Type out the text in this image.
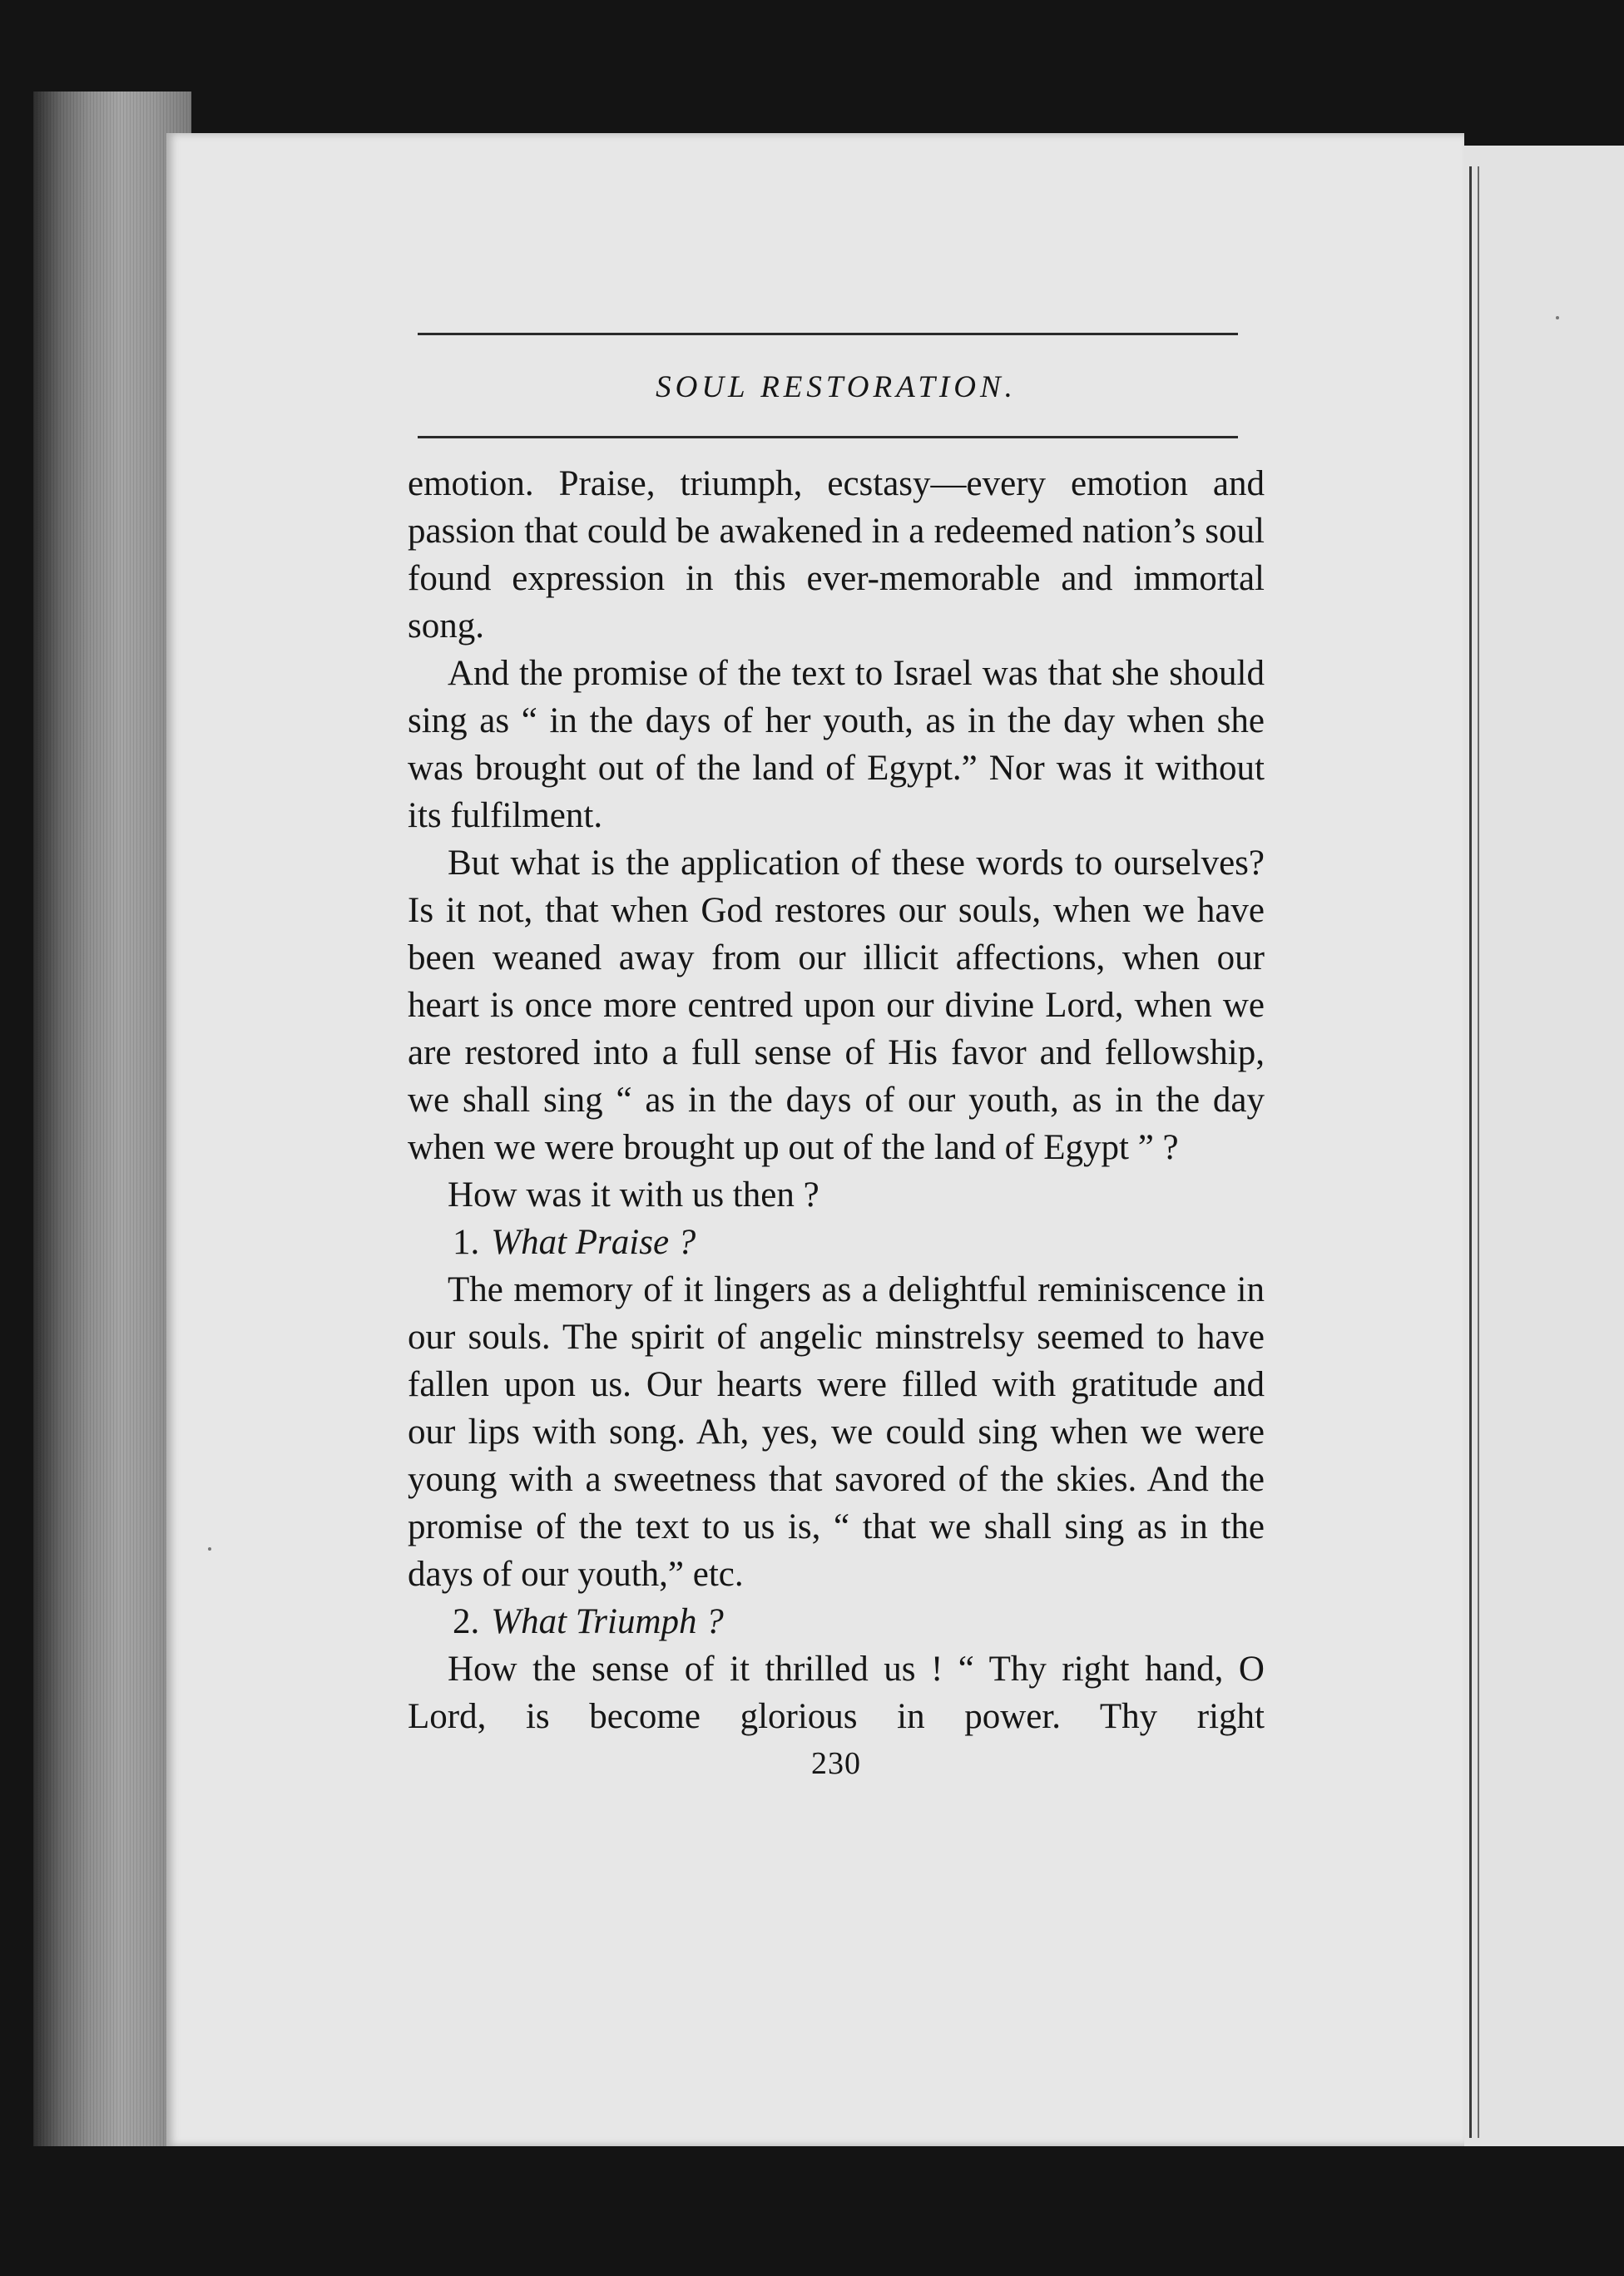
SOUL RESTORATION.

emotion. Praise, triumph, ecstasy—every emotion and passion that could be awakened in a redeemed nation’s soul found expression in this ever-memorable and immortal song.

And the promise of the text to Israel was that she should sing as “ in the days of her youth, as in the day when she was brought out of the land of Egypt.” Nor was it without its fulfilment.

But what is the application of these words to ourselves? Is it not, that when God restores our souls, when we have been weaned away from our illicit affections, when our heart is once more centred upon our divine Lord, when we are restored into a full sense of His favor and fellowship, we shall sing “ as in the days of our youth, as in the day when we were brought up out of the land of Egypt ” ?

How was it with us then ?

1. What Praise ?

The memory of it lingers as a delightful reminiscence in our souls. The spirit of angelic minstrelsy seemed to have fallen upon us. Our hearts were filled with gratitude and our lips with song. Ah, yes, we could sing when we were young with a sweetness that savored of the skies. And the promise of the text to us is, “ that we shall sing as in the days of our youth,” etc.

2. What Triumph ?

How the sense of it thrilled us ! “ Thy right hand, O Lord, is become glorious in power. Thy right

230
